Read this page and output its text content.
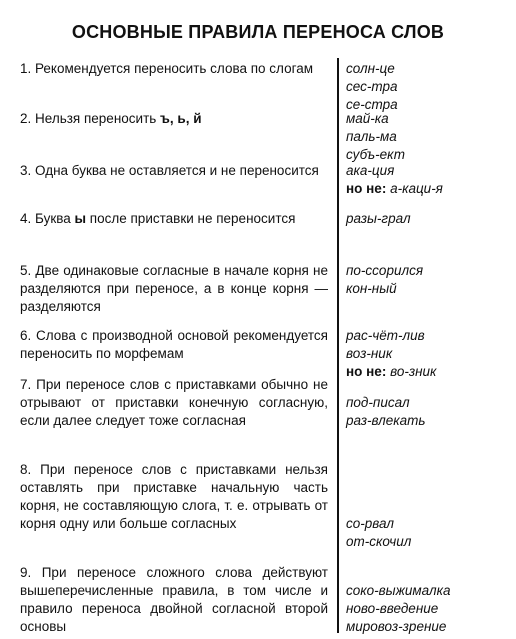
ОСНОВНЫЕ ПРАВИЛА ПЕРЕНОСА СЛОВ
1. Рекомендуется переносить слова по слогам
2. Нельзя переносить ъ, ь, й
3. Одна буква не оставляется и не переносится
4. Буква ы после приставки не переносится
5. Две одинаковые согласные в начале корня не разделяются при переносе, а в конце корня — разделяются
6. Слова с производной основой рекомендуется переносить по морфемам
7. При переносе слов с приставками обычно не отрывают от приставки конечную согласную, если далее следует тоже согласная
8. При переносе слов с приставками нельзя оставлять при приставке начальную часть корня, не составляющую слога, т. е. отрывать от корня одну или больше согласных
9. При переносе сложного слова действуют вышеперечисленные правила, в том числе и правило переноса двойной согласной второй основы
солн-це
сес-тра
се-стра
май-ка
паль-ма
субъ-ект
ака-ция
но не: а-каци-я
разы-грал
по-ссорился
кон-ный
рас-чёт-лив
воз-ник
но не: во-зник
под-писал
раз-влекать
со-рвал
от-скочил
соко-выжималка
ново-введение
мировоз-зрение
